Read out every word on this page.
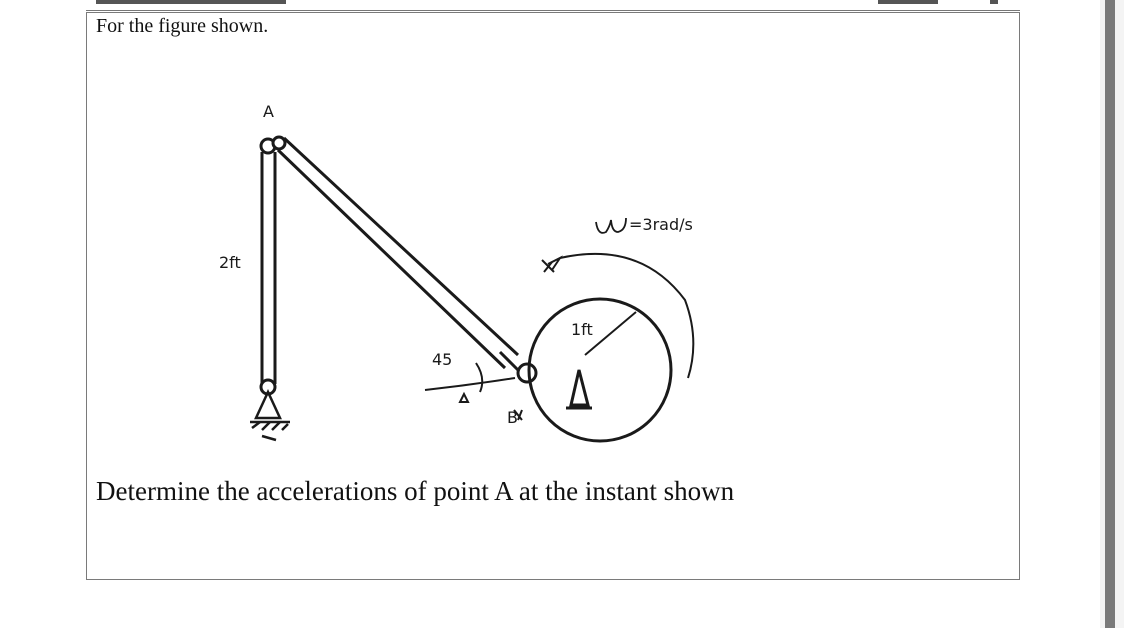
For the figure shown.
A
2ft
45
B
1ft
=3rad/s
Determine the accelerations of point A at the instant shown
